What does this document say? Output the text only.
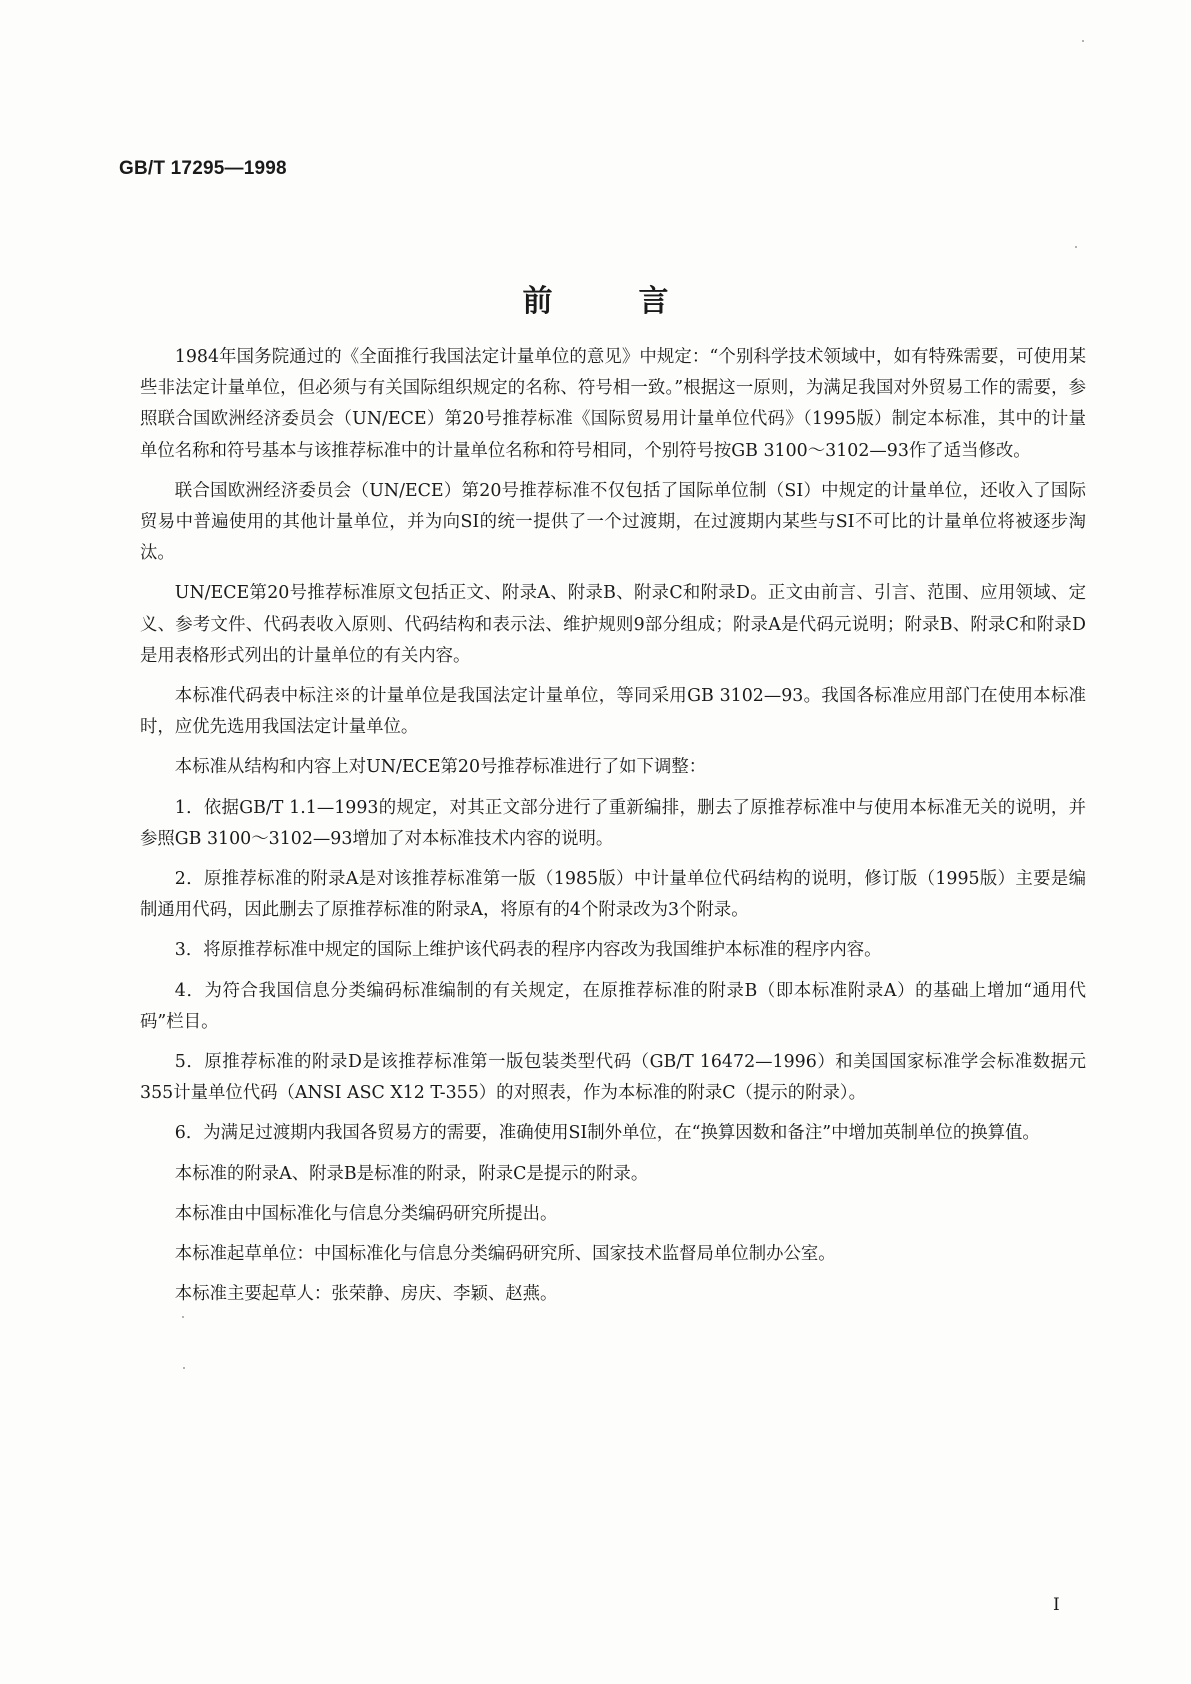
GB/T 17295—1998
前言

1984年国务院通过的《全面推行我国法定计量单位的意见》中规定：“个别科学技术领域中，如有特殊需要，可使用某些非法定计量单位，但必须与有关国际组织规定的名称、符号相一致。”根据这一原则，为满足我国对外贸易工作的需要，参照联合国欧洲经济委员会（UN/ECE）第20号推荐标准《国际贸易用计量单位代码》（1995版）制定本标准，其中的计量单位名称和符号基本与该推荐标准中的计量单位名称和符号相同，个别符号按GB 3100～3102—93作了适当修改。

联合国欧洲经济委员会（UN/ECE）第20号推荐标准不仅包括了国际单位制（SI）中规定的计量单位，还收入了国际贸易中普遍使用的其他计量单位，并为向SI的统一提供了一个过渡期，在过渡期内某些与SI不可比的计量单位将被逐步淘汰。

UN/ECE第20号推荐标准原文包括正文、附录A、附录B、附录C和附录D。正文由前言、引言、范围、应用领域、定义、参考文件、代码表收入原则、代码结构和表示法、维护规则9部分组成；附录A是代码元说明；附录B、附录C和附录D是用表格形式列出的计量单位的有关内容。

本标准代码表中标注※的计量单位是我国法定计量单位，等同采用GB 3102—93。我国各标准应用部门在使用本标准时，应优先选用我国法定计量单位。

本标准从结构和内容上对UN/ECE第20号推荐标准进行了如下调整：

1．依据GB/T 1.1—1993的规定，对其正文部分进行了重新编排，删去了原推荐标准中与使用本标准无关的说明，并参照GB 3100～3102—93增加了对本标准技术内容的说明。

2．原推荐标准的附录A是对该推荐标准第一版（1985版）中计量单位代码结构的说明，修订版（1995版）主要是编制通用代码，因此删去了原推荐标准的附录A，将原有的4个附录改为3个附录。

3．将原推荐标准中规定的国际上维护该代码表的程序内容改为我国维护本标准的程序内容。

4．为符合我国信息分类编码标准编制的有关规定，在原推荐标准的附录B（即本标准附录A）的基础上增加“通用代码”栏目。

5．原推荐标准的附录D是该推荐标准第一版包装类型代码（GB/T 16472—1996）和美国国家标准学会标准数据元355计量单位代码（ANSI ASC X12 T-355）的对照表，作为本标准的附录C（提示的附录）。

6．为满足过渡期内我国各贸易方的需要，准确使用SI制外单位，在“换算因数和备注”中增加英制单位的换算值。

本标准的附录A、附录B是标准的附录，附录C是提示的附录。

本标准由中国标准化与信息分类编码研究所提出。

本标准起草单位：中国标准化与信息分类编码研究所、国家技术监督局单位制办公室。

本标准主要起草人：张荣静、房庆、李颖、赵燕。

I
